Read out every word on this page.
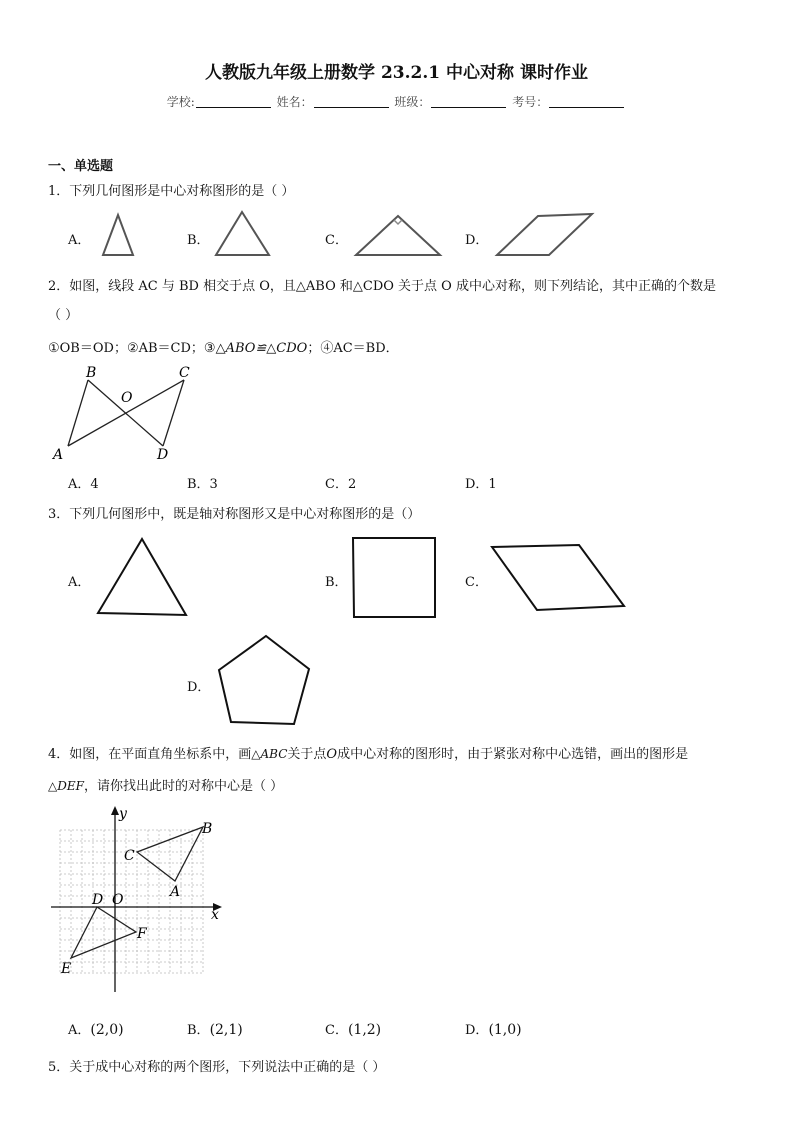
人教版九年级上册数学 23.2.1 中心对称 课时作业
学校:	姓名：	班级：	考号：
一、单选题
1．下列几何图形是中心对称图形的是（ ）
A．	B．	C．	D．
2．如图，线段 AC 与 BD 相交于点 O，且△ABO 和△CDO 关于点 O 成中心对称，则下列结论，其中正确的个数是
（ ）
①OB＝OD；②AB＝CD；③△ABO≌△CDO；④AC＝BD．
B	C
O
A	D
A．4	B．3	C．2	D．1
3．下列几何图形中，既是轴对称图形又是中心对称图形的是（）
A．	B．	C．
D．
4．如图，在平面直角坐标系中，画△ABC关于点O成中心对称的图形时，由于紧张对称中心选错，画出的图形是
△DEF，请你找出此时的对称中心是（ ）
y
x
B
C
A
D O
F
E
A．(2,0)	B．(2,1)	C．(1,2)	D．(1,0)
5．关于成中心对称的两个图形，下列说法中正确的是（ ）
